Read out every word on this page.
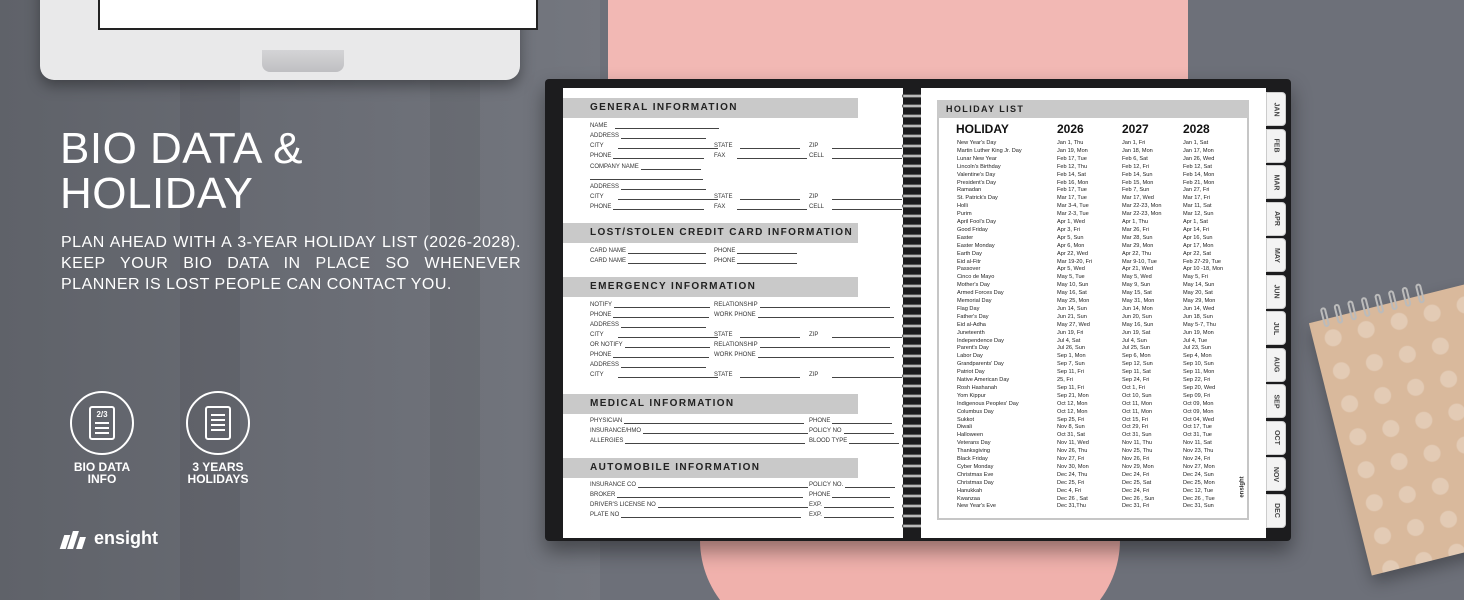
BIO DATA &
HOLIDAY
PLAN AHEAD WITH A 3-YEAR HOLIDAY LIST (2026-2028). KEEP YOUR BIO DATA IN PLACE SO WHENEVER PLANNER IS LOST PEOPLE CAN CONTACT YOU.
2/3
BIO DATA
INFO
3 YEARS
HOLIDAYS
ensight
GENERAL INFORMATION
NAME
ADDRESS
CITY	STATE	ZIP
PHONE	FAX	CELL
COMPANY NAME
ADDRESS
CITY	STATE	ZIP
PHONE	FAX	CELL
LOST/STOLEN CREDIT CARD INFORMATION
CARD NAME	PHONE
CARD NAME	PHONE
EMERGENCY INFORMATION
NOTIFY	RELATIONSHIP
PHONE	WORK PHONE
ADDRESS
CITY	STATE	ZIP
OR NOTIFY	RELATIONSHIP
PHONE	WORK PHONE
ADDRESS
CITY	STATE	ZIP
MEDICAL INFORMATION
PHYSICIAN	PHONE
INSURANCE/HMO	POLICY NO
ALLERGIES	BLOOD TYPE
AUTOMOBILE INFORMATION
INSURANCE CO	POLICY NO.
BROKER	PHONE
DRIVER'S LICENSE NO	EXP.
PLATE NO	EXP.
HOLIDAY LIST
HOLIDAY	2026	2027	2028
New Year's Day	Jan 1, Thu	Jan 1, Fri	Jan 1, Sat
Martin Luther King Jr. Day	Jan 19, Mon	Jan 18, Mon	Jan 17, Mon
Lunar New Year	Feb 17, Tue	Feb 6, Sat	Jan 26, Wed
Lincoln's Birthday	Feb 12, Thu	Feb 12, Fri	Feb 12, Sat
Valentine's Day	Feb 14, Sat	Feb 14, Sun	Feb 14, Mon
President's Day	Feb 16, Mon	Feb 15, Mon	Feb 21, Mon
Ramadan	Feb 17, Tue	Feb 7, Sun	Jan 27, Fri
St. Patrick's Day	Mar 17, Tue	Mar 17, Wed	Mar 17, Fri
Holli	Mar 3-4, Tue	Mar 22-23, Mon	Mar 11, Sat
Purim	Mar 2-3, Tue	Mar 22-23, Mon	Mar 12, Sun
April Fool's Day	Apr 1, Wed	Apr 1, Thu	Apr 1, Sat
Good Friday	Apr 3, Fri	Mar 26, Fri	Apr 14, Fri
Easter	Apr 5, Sun	Mar 28, Sun	Apr 16, Sun
Easter Monday	Apr 6, Mon	Mar 29, Mon	Apr 17, Mon
Earth Day	Apr 22, Wed	Apr 22, Thu	Apr 22, Sat
Eid al-Fitr	Mar 19-20, Fri	Mar 9-10, Tue	Feb 27-29, Tue
Passover	Apr 5, Wed	Apr 21, Wed	Apr 10 -18, Mon
Cinco de Mayo	May 5, Tue	May 5, Wed	May 5, Fri
Mother's Day	May 10, Sun	May 9, Sun	May 14, Sun
Armed Forces Day	May 16, Sat	May 15, Sat	May 20, Sat
Memorial Day	May 25, Mon	May 31, Mon	May 29, Mon
Flag Day	Jun 14, Sun	Jun 14, Mon	Jun 14, Wed
Father's Day	Jun 21, Sun	Jun 20, Sun	Jun 18, Sun
Eid al-Adha	May 27, Wed	May 16, Sun	May 5-7, Thu
Juneteenth	Jun 19, Fri	Jun 19, Sat	Jun 19, Mon
Independence Day	Jul 4, Sat	Jul 4, Sun	Jul 4, Tue
Parent's Day	Jul 26, Sun	Jul 25, Sun	Jul 23, Sun
Labor Day	Sep 1, Mon	Sep 6, Mon	Sep 4, Mon
Grandparents' Day	Sep 7, Sun	Sep 12, Sun	Sep 10, Sun
Patriot Day	Sep 11, Fri	Sep 11, Sat	Sep 11, Mon
Native American Day	25, Fri	Sep 24, Fri	Sep 22, Fri
Rosh Hashanah	Sep 11, Fri	Oct 1, Fri	Sep 20, Wed
Yom Kippur	Sep 21, Mon	Oct 10, Sun	Sep 09, Fri
Indigenous Peoples' Day	Oct 12, Mon	Oct 11, Mon	Oct 09, Mon
Columbus Day	Oct 12, Mon	Oct 11, Mon	Oct 09, Mon
Sukkot	Sep 25, Fri	Oct 15, Fri	Oct 04, Wed
Diwali	Nov 8, Sun	Oct 29, Fri	Oct 17, Tue
Halloween	Oct 31, Sat	Oct 31, Sun	Oct 31, Tue
Veterans Day	Nov 11, Wed	Nov 11, Thu	Nov 11, Sat
Thanksgiving	Nov 26, Thu	Nov 25, Thu	Nov 23, Thu
Black Friday	Nov 27, Fri	Nov 26, Fri	Nov 24, Fri
Cyber Monday	Nov 30, Mon	Nov 29, Mon	Nov 27, Mon
Christmas Eve	Dec 24, Thu	Dec 24, Fri	Dec 24, Sun
Christmas Day	Dec 25, Fri	Dec 25, Sat	Dec 25, Mon
Hanukkah	Dec 4, Fri	Dec 24, Fri	Dec 12, Tue
Kwanzaa	Dec 26 , Sat	Dec 26 , Sun	Dec 26 , Tue
New Year's Eve	Dec 31,Thu	Dec 31, Fri	Dec 31, Sun
ensight
JAN
FEB
MAR
APR
MAY
JUN
JUL
AUG
SEP
OCT
NOV
DEC
